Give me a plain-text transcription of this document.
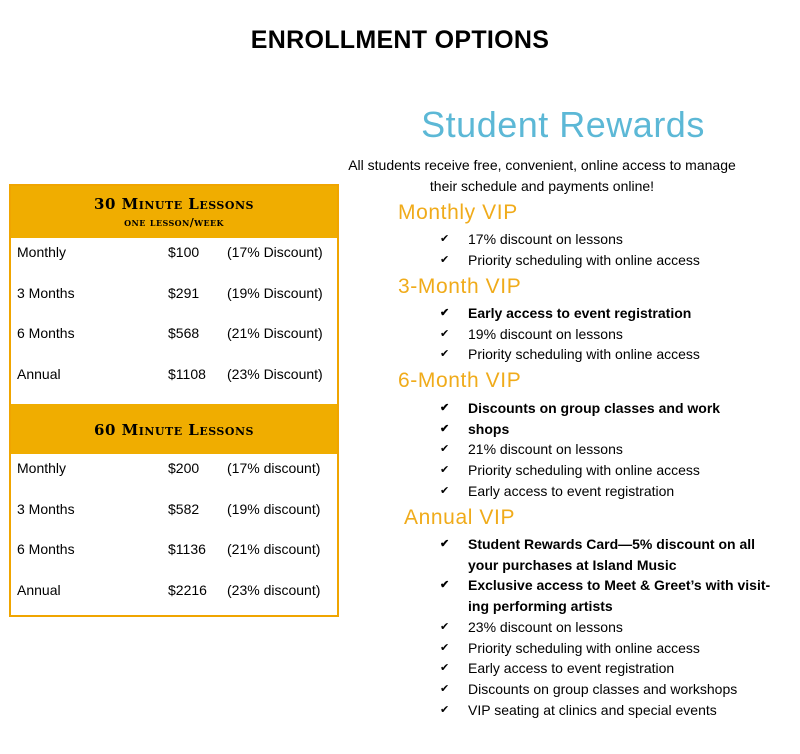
ENROLLMENT OPTIONS
30 Minute Lessons
one lesson/week
Monthly	$100 (17% Discount)
3 Months	$291 (19% Discount)
6 Months	$568 (21% Discount)
Annual	$1108 (23% Discount)
60 Minute Lessons
Monthly	$200 (17% discount)
3 Months	$582 (19% discount)
6 Months	$1136 (21% discount)
Annual	$2216 (23% discount)
Student Rewards
All students receive free, convenient, online access to manage
their schedule and payments online!
Monthly VIP
✔ 17% discount on lessons
✔ Priority scheduling with online access
3-Month VIP
✔ Early access to event registration
✔ 19% discount on lessons
✔ Priority scheduling with online access
6-Month VIP
✔ Discounts on group classes and work
✔ shops
✔ 21% discount on lessons
✔ Priority scheduling with online access
✔ Early access to event registration
Annual VIP
✔ Student Rewards Card—5% discount on all
your purchases at Island Music
✔ Exclusive access to Meet & Greet’s with visit-
ing performing artists
✔ 23% discount on lessons
✔ Priority scheduling with online access
✔ Early access to event registration
✔ Discounts on group classes and workshops
✔ VIP seating at clinics and special events
